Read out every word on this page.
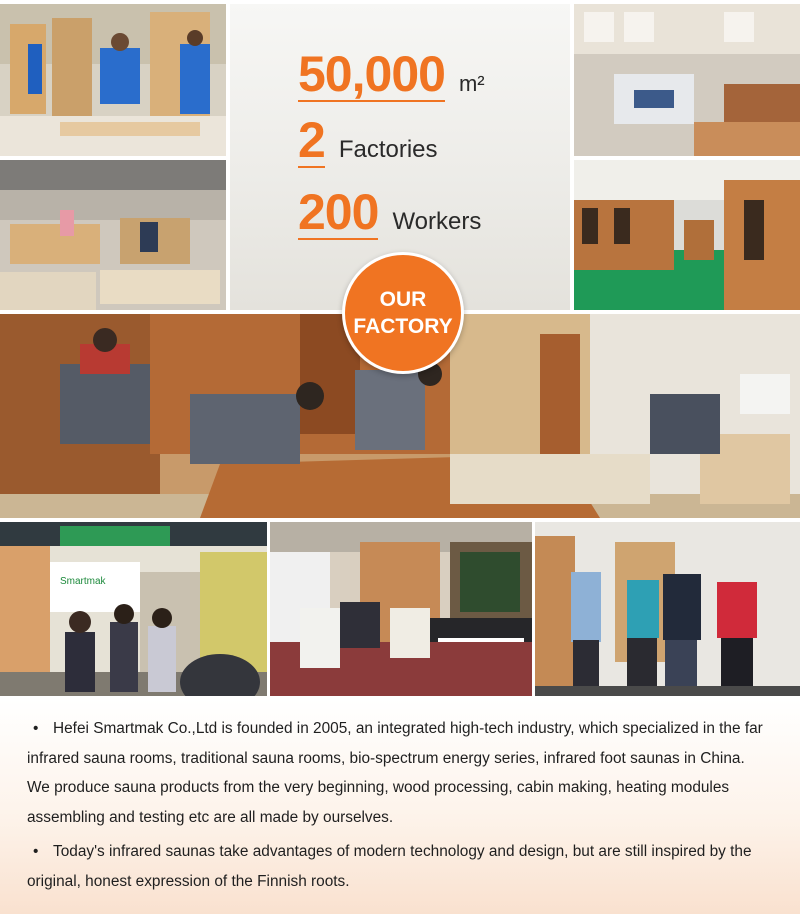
50,000 m²
2 Factories
200 Workers
OUR
FACTORY
Smartmak
• Hefei Smartmak Co.,Ltd is founded in 2005, an integrated high-tech industry, which specialized in the far infrared sauna rooms, traditional sauna rooms, bio-spectrum energy series, infrared foot saunas in China. We produce sauna products from the very beginning, wood processing, cabin making, heating modules assembling and testing etc are all made by ourselves.
• Today's infrared saunas take advantages of modern technology and design, but are still inspired by the original, honest expression of the Finnish roots.
